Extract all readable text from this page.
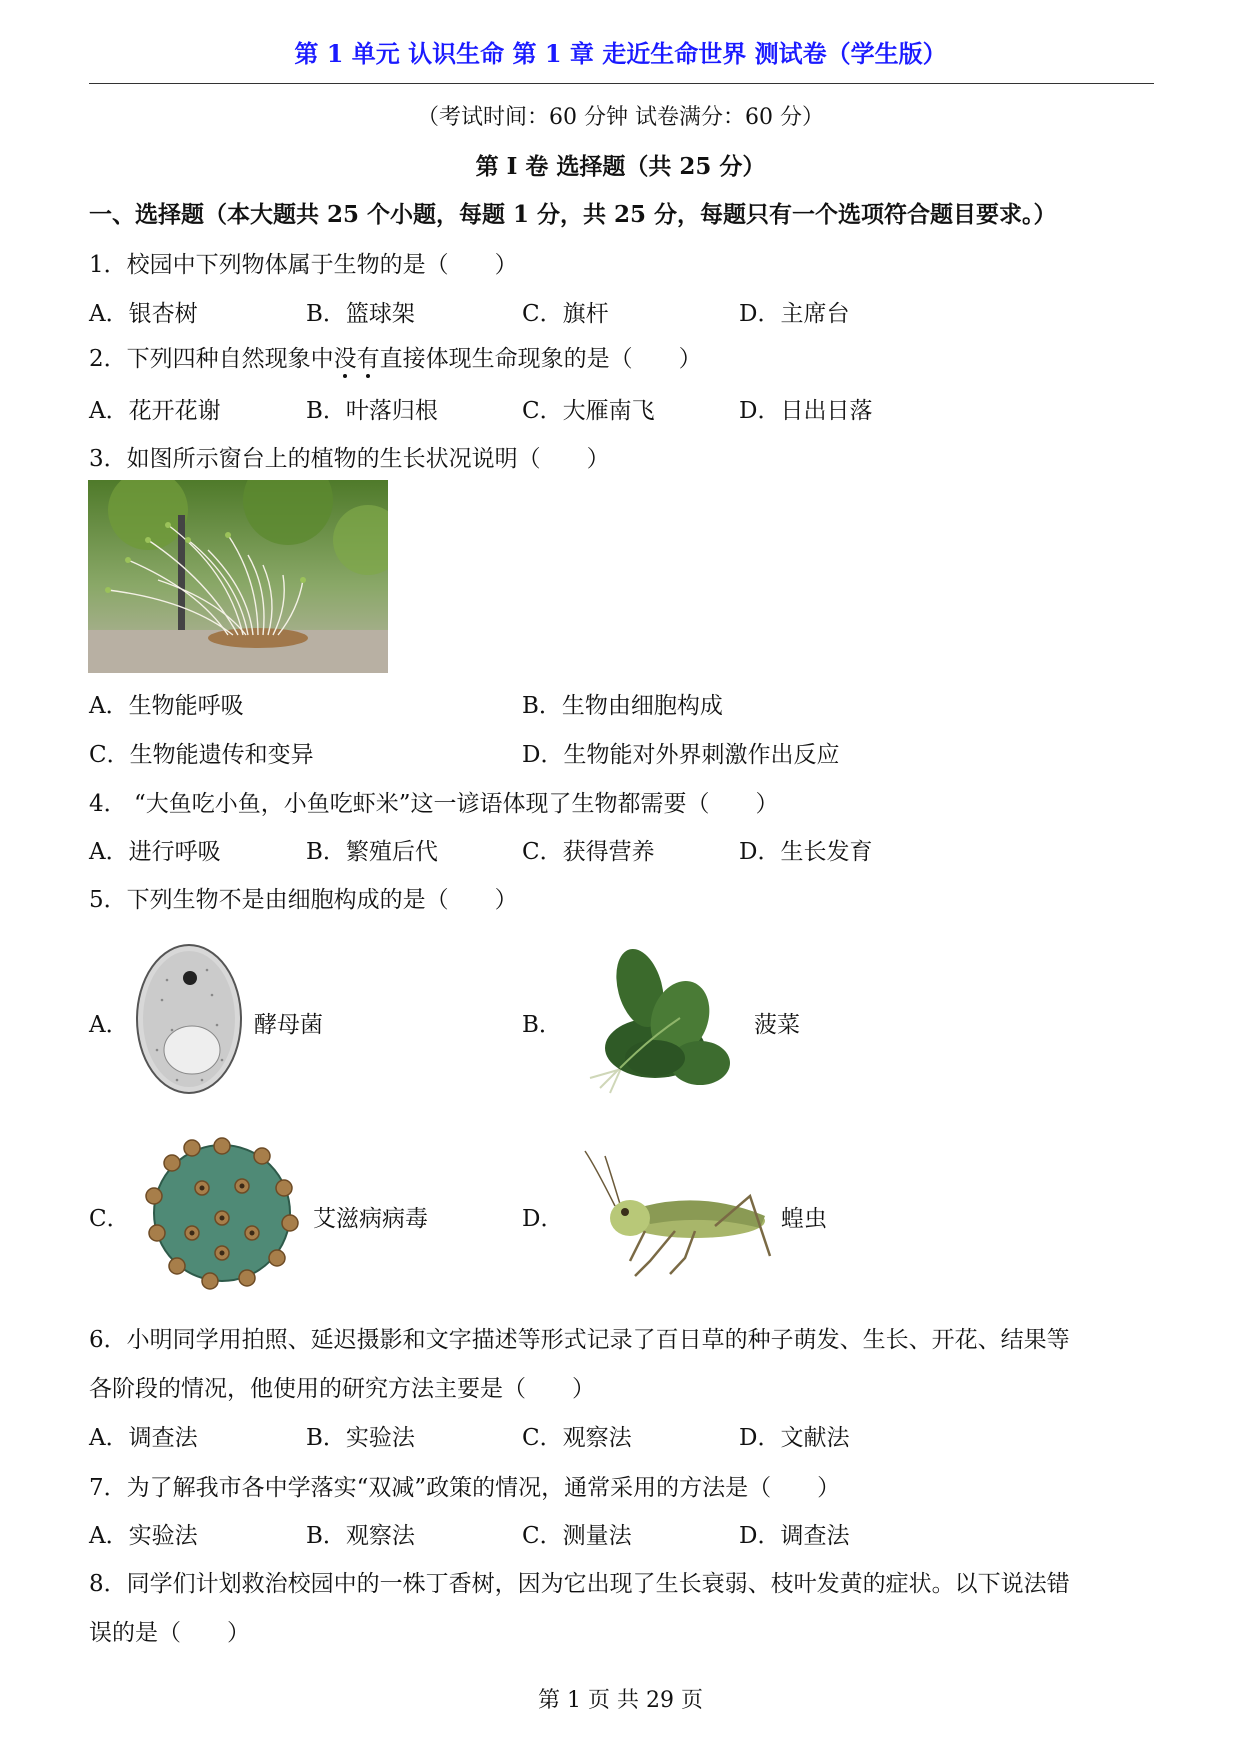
第 1 单元 认识生命 第 1 章 走近生命世界 测试卷（学生版）
（考试时间：60 分钟 试卷满分：60 分）
第 I 卷 选择题（共 25 分）
一、选择题（本大题共 25 个小题，每题 1 分，共 25 分，每题只有一个选项符合题目要求。）
1．校园中下列物体属于生物的是（　　）
A．银杏树	B．篮球架	C．旗杆	D．主席台
2．下列四种自然现象中没有直接体现生命现象的是（　　）
A．花开花谢	B．叶落归根	C．大雁南飞	D．日出日落
3．如图所示窗台上的植物的生长状况说明（　　）
A．生物能呼吸	B．生物由细胞构成
C．生物能遗传和变异	D．生物能对外界刺激作出反应
4． “大鱼吃小鱼，小鱼吃虾米”这一谚语体现了生物都需要（　　）
A．进行呼吸	B．繁殖后代	C．获得营养	D．生长发育
5．下列生物不是由细胞构成的是（　　）
A．	酵母菌	B．	菠菜
C．	艾滋病病毒	D．	蝗虫
6．小明同学用拍照、延迟摄影和文字描述等形式记录了百日草的种子萌发、生长、开花、结果等
各阶段的情况，他使用的研究方法主要是（　　）
A．调查法	B．实验法	C．观察法	D．文献法
7．为了解我市各中学落实“双减”政策的情况，通常采用的方法是（　　）
A．实验法	B．观察法	C．测量法	D．调查法
8．同学们计划救治校园中的一株丁香树，因为它出现了生长衰弱、枝叶发黄的症状。以下说法错
误的是（　　）
第 1 页 共 29 页
